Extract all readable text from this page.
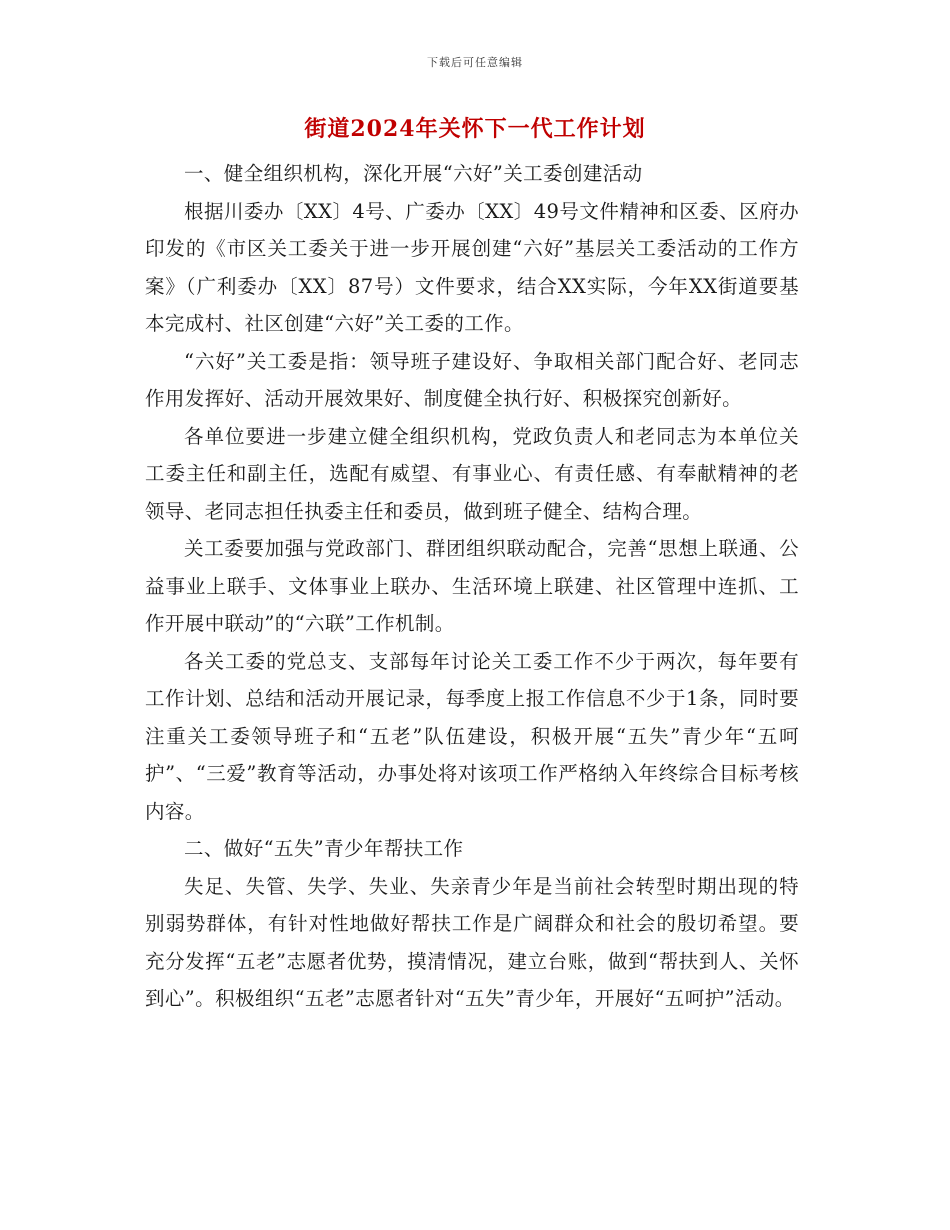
下载后可任意编辑
街道2024年关怀下一代工作计划

一、健全组织机构，深化开展“六好”关工委创建活动

根据川委办〔XX〕4号、广委办〔XX〕49号文件精神和区委、区府办印发的《市区关工委关于进一步开展创建“六好”基层关工委活动的工作方案》（广利委办〔XX〕87号）文件要求，结合XX实际，今年XX街道要基本完成村、社区创建“六好”关工委的工作。

“六好”关工委是指：领导班子建设好、争取相关部门配合好、老同志作用发挥好、活动开展效果好、制度健全执行好、积极探究创新好。

各单位要进一步建立健全组织机构，党政负责人和老同志为本单位关工委主任和副主任，选配有威望、有事业心、有责任感、有奉献精神的老领导、老同志担任执委主任和委员，做到班子健全、结构合理。

关工委要加强与党政部门、群团组织联动配合，完善“思想上联通、公益事业上联手、文体事业上联办、生活环境上联建、社区管理中连抓、工作开展中联动”的“六联”工作机制。

各关工委的党总支、支部每年讨论关工委工作不少于两次，每年要有工作计划、总结和活动开展记录，每季度上报工作信息不少于1条，同时要注重关工委领导班子和“五老”队伍建设，积极开展“五失”青少年“五呵护”、“三爱”教育等活动，办事处将对该项工作严格纳入年终综合目标考核内容。

二、做好“五失”青少年帮扶工作

失足、失管、失学、失业、失亲青少年是当前社会转型时期出现的特别弱势群体，有针对性地做好帮扶工作是广阔群众和社会的殷切希望。要充分发挥“五老”志愿者优势，摸清情况，建立台账，做到“帮扶到人、关怀到心”。积极组织“五老”志愿者针对“五失”青少年，开展好“五呵护”活动。
